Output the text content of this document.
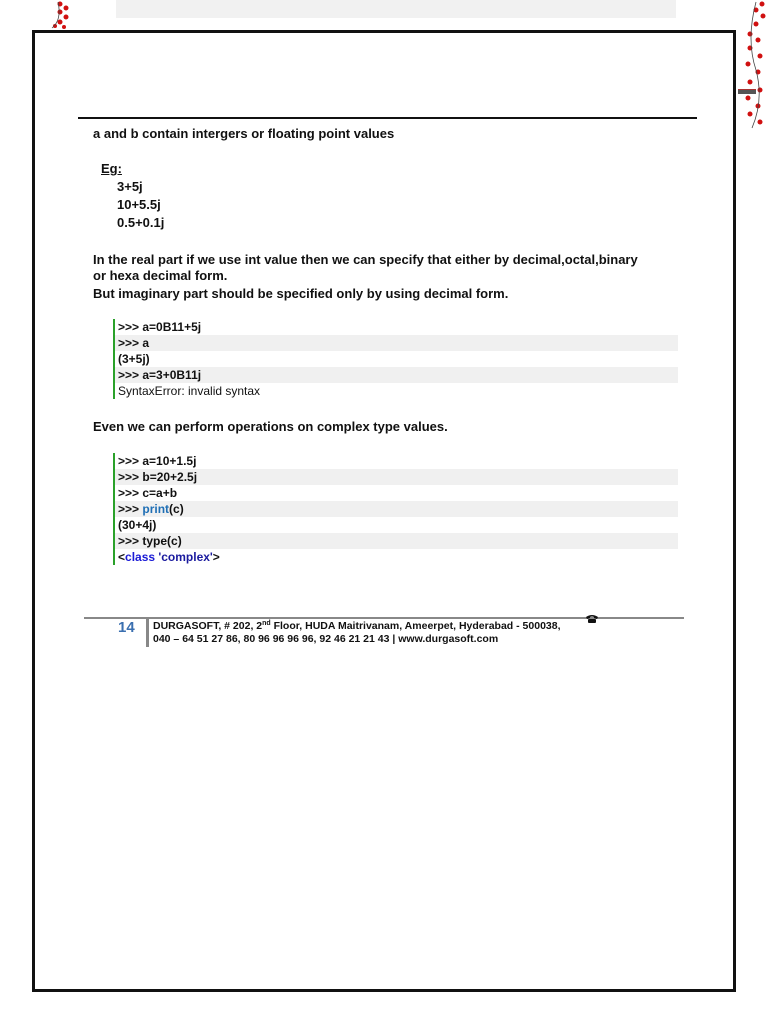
a and b contain intergers or floating point values
Eg:
3+5j
10+5.5j
0.5+0.1j
In the real part if we use int value then we can specify that either by decimal,octal,binary
or hexa decimal form.
But imaginary part should be specified only by using decimal form.
>>> a=0B11+5j
>>> a
(3+5j)
>>> a=3+0B11j
SyntaxError: invalid syntax
Even we can perform operations on complex type values.
>>> a=10+1.5j
>>> b=20+2.5j
>>> c=a+b
>>> print(c)
(30+4j)
>>> type(c)
<class 'complex'>
14 DURGASOFT, # 202, 2nd Floor, HUDA Maitrivanam, Ameerpet, Hyderabad - 500038,
040 – 64 51 27 86, 80 96 96 96 96, 92 46 21 21 43 | www.durgasoft.com
